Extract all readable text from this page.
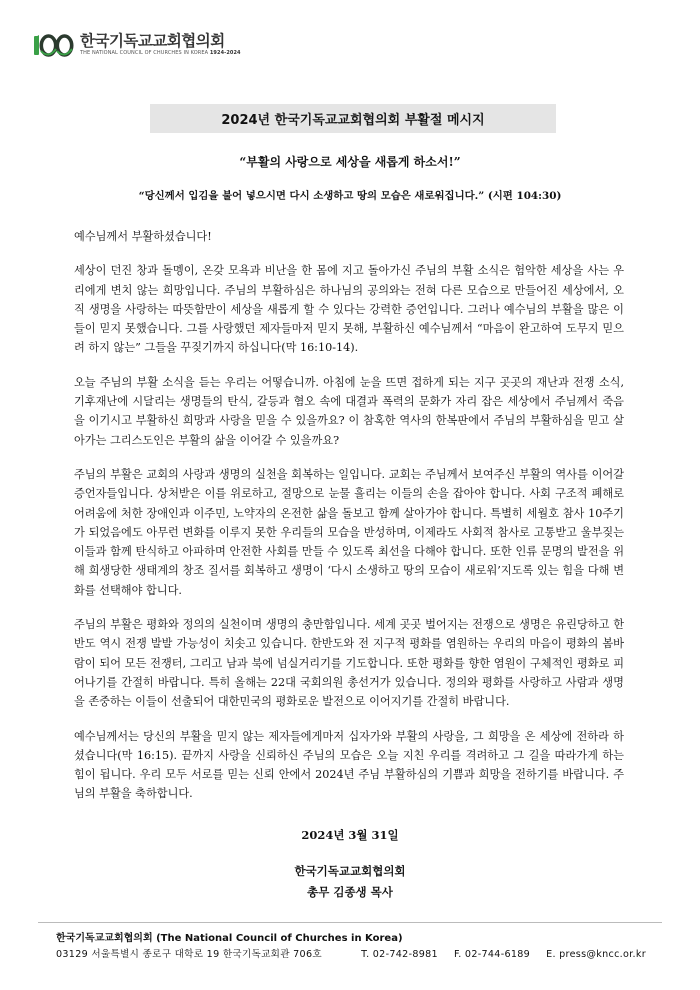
한국기독교교회협의회
THE NATIONAL COUNCIL OF CHURCHES IN KOREA 1924-2024
2024년 한국기독교교회협의회 부활절 메시지
“부활의 사랑으로 세상을 새롭게 하소서!”
“당신께서 입김을 불어 넣으시면 다시 소생하고 땅의 모습은 새로워집니다.” (시편 104:30)

예수님께서 부활하셨습니다!

세상이 던진 창과 돌멩이, 온갖 모욕과 비난을 한 몸에 지고 돌아가신 주님의 부활 소식은 험악한 세상을 사는 우리에게 변치 않는 희망입니다. 주님의 부활하심은 하나님의 공의와는 전혀 다른 모습으로 만들어진 세상에서, 오직 생명을 사랑하는 따뜻함만이 세상을 새롭게 할 수 있다는 강력한 증언입니다. 그러나 예수님의 부활을 많은 이들이 믿지 못했습니다. 그를 사랑했던 제자들마저 믿지 못해, 부활하신 예수님께서 “마음이 완고하여 도무지 믿으려 하지 않는” 그들을 꾸짖기까지 하십니다(막 16:10-14).

오늘 주님의 부활 소식을 듣는 우리는 어떻습니까. 아침에 눈을 뜨면 접하게 되는 지구 곳곳의 재난과 전쟁 소식, 기후재난에 시달리는 생명들의 탄식, 갈등과 혐오 속에 대결과 폭력의 문화가 자리 잡은 세상에서 주님께서 죽음을 이기시고 부활하신 희망과 사랑을 믿을 수 있을까요? 이 참혹한 역사의 한복판에서 주님의 부활하심을 믿고 살아가는 그리스도인은 부활의 삶을 이어갈 수 있을까요?

주님의 부활은 교회의 사랑과 생명의 실천을 회복하는 일입니다. 교회는 주님께서 보여주신 부활의 역사를 이어갈 증언자들입니다. 상처받은 이를 위로하고, 절망으로 눈물 흘리는 이들의 손을 잡아야 합니다. 사회 구조적 폐해로 어려움에 처한 장애인과 이주민, 노약자의 온전한 삶을 돌보고 함께 살아가야 합니다. 특별히 세월호 참사 10주기가 되었음에도 아무런 변화를 이루지 못한 우리들의 모습을 반성하며, 이제라도 사회적 참사로 고통받고 울부짖는 이들과 함께 탄식하고 아파하며 안전한 사회를 만들 수 있도록 최선을 다해야 합니다. 또한 인류 문명의 발전을 위해 희생당한 생태계의 창조 질서를 회복하고 생명이 ‘다시 소생하고 땅의 모습이 새로워’지도록 있는 힘을 다해 변화를 선택해야 합니다.

주님의 부활은 평화와 정의의 실천이며 생명의 충만함입니다. 세계 곳곳 벌어지는 전쟁으로 생명은 유린당하고 한반도 역시 전쟁 발발 가능성이 치솟고 있습니다. 한반도와 전 지구적 평화를 염원하는 우리의 마음이 평화의 봄바람이 되어 모든 전쟁터, 그리고 남과 북에 넘실거리기를 기도합니다. 또한 평화를 향한 염원이 구체적인 평화로 피어나기를 간절히 바랍니다. 특히 올해는 22대 국회의원 총선거가 있습니다. 정의와 평화를 사랑하고 사람과 생명을 존중하는 이들이 선출되어 대한민국의 평화로운 발전으로 이어지기를 간절히 바랍니다.

예수님께서는 당신의 부활을 믿지 않는 제자들에게마저 십자가와 부활의 사랑을, 그 희망을 온 세상에 전하라 하셨습니다(막 16:15). 끝까지 사랑을 신뢰하신 주님의 모습은 오늘 지친 우리를 격려하고 그 길을 따라가게 하는 힘이 됩니다. 우리 모두 서로를 믿는 신뢰 안에서 2024년 주님 부활하심의 기쁨과 희망을 전하기를 바랍니다. 주님의 부활을 축하합니다.

2024년 3월 31일
한국기독교교회협의회
총무 김종생 목사
한국기독교교회협의회 (The National Council of Churches in Korea)
03129 서울특별시 종로구 대학로 19 한국기독교회관 706호	T. 02-742-8981 F. 02-744-6189 E. press@kncc.or.kr
